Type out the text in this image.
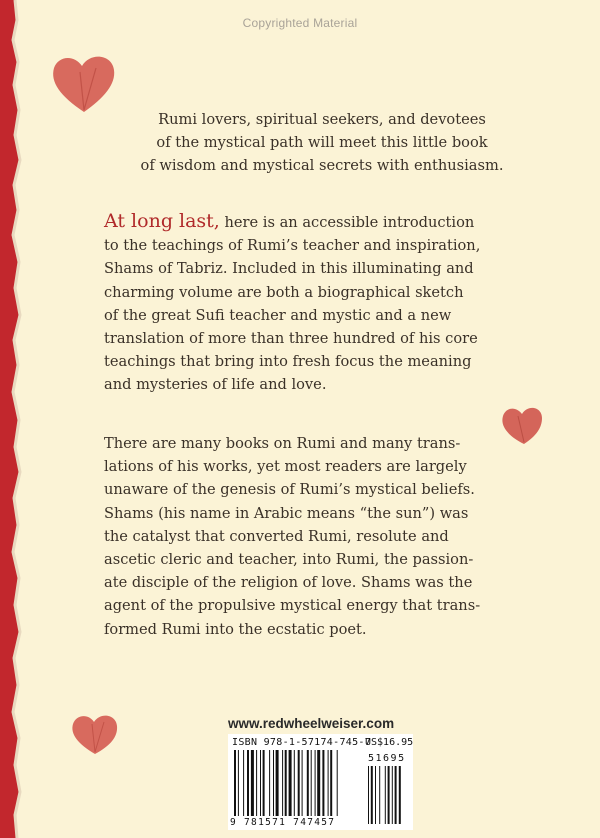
Copyrighted Material
Rumi lovers, spiritual seekers, and devotees
of the mystical path will meet this little book
of wisdom and mystical secrets with enthusiasm.
At long last, here is an accessible introduction
to the teachings of Rumi’s teacher and inspiration,
Shams of Tabriz. Included in this illuminating and
charming volume are both a biographical sketch
of the great Sufi teacher and mystic and a new
translation of more than three hundred of his core
teachings that bring into fresh focus the meaning
and mysteries of life and love.
There are many books on Rumi and many trans-
lations of his works, yet most readers are largely
unaware of the genesis of Rumi’s mystical beliefs.
Shams (his name in Arabic means “the sun”) was
the catalyst that converted Rumi, resolute and
ascetic cleric and teacher, into Rumi, the passion-
ate disciple of the religion of love. Shams was the
agent of the propulsive mystical energy that trans-
formed Rumi into the ecstatic poet.
www.redwheelweiser.com
ISBN 978-1-57174-745-7
US$16.95
51695
9 781571 747457
